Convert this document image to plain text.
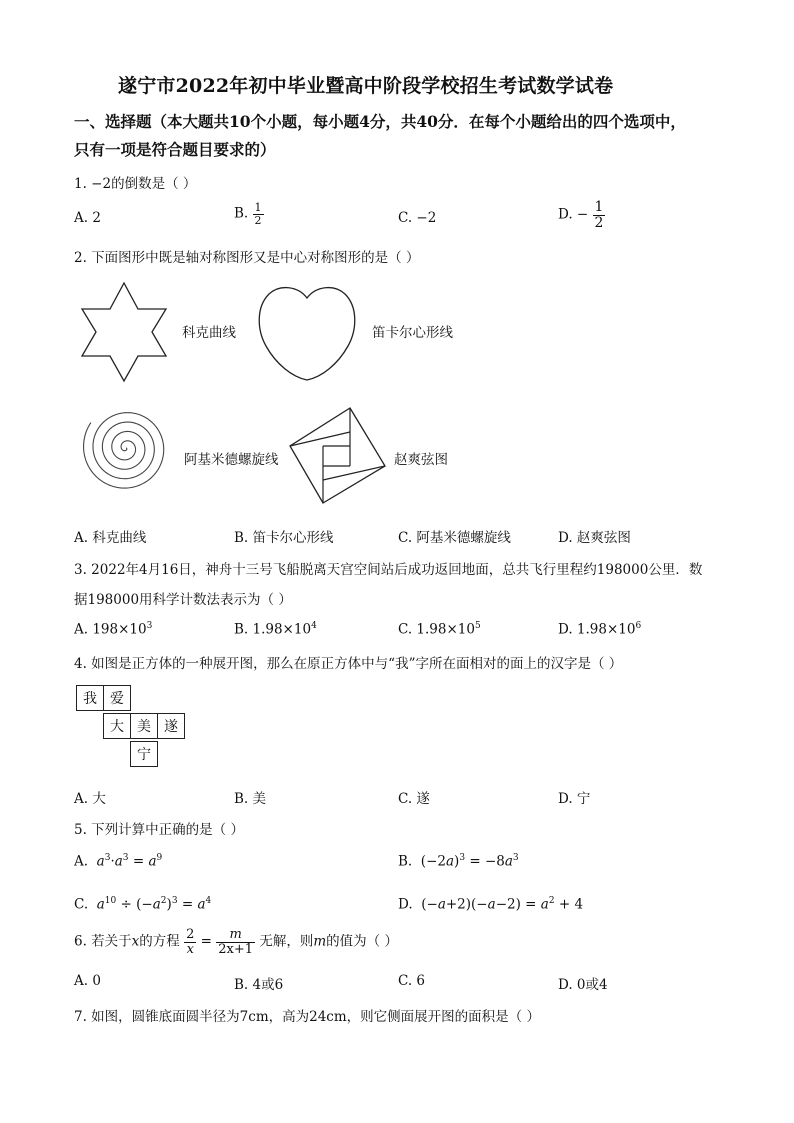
遂宁市2022年初中毕业暨高中阶段学校招生考试数学试卷
一、选择题（本大题共10个小题，每小题4分，共40分．在每个小题给出的四个选项中，
只有一项是符合题目要求的）
1. −2的倒数是（ ）
A. 2	B. $\frac{1}{2}$	C. −2	D. − $\frac{1}{2}$
2. 下面图形中既是轴对称图形又是中心对称图形的是（ ）
科克曲线	笛卡尔心形线
阿基米德螺旋线	赵爽弦图
A. 科克曲线	B. 笛卡尔心形线	C. 阿基米德螺旋线	D. 赵爽弦图
3. 2022年4月16日，神舟十三号飞船脱离天宫空间站后成功返回地面，总共飞行里程约198000公里．数
据198000用科学计数法表示为（ ）
A. $198\times 10^3$	B. $1.98\times 10^4$	C. $1.98\times 10^5$	D. $1.98\times 10^6$
4. 如图是正方体的一种展开图，那么在原正方体中与“我”字所在面相对的面上的汉字是（ ）
我 爱
大 美 遂
宁
A. 大	B. 美	C. 遂	D. 宁
5. 下列计算中正确的是（ ）
A. $a^3\cdot a^3 = a^9$	B.  $(-2a)^3 = -8a^3$
C. $a^{10} \div (-a^2)^3 = a^4$	D.  $(-a+2)(-a-2) = a^2 + 4$
6. 若关于x的方程 $\frac{2}{x} = \frac{m}{2x+1}$ 无解，则m的值为（ ）
A. 0	B. 4或6	C. 6	D. 0或4
7. 如图，圆锥底面圆半径为7cm，高为24cm，则它侧面展开图的面积是（ ）
